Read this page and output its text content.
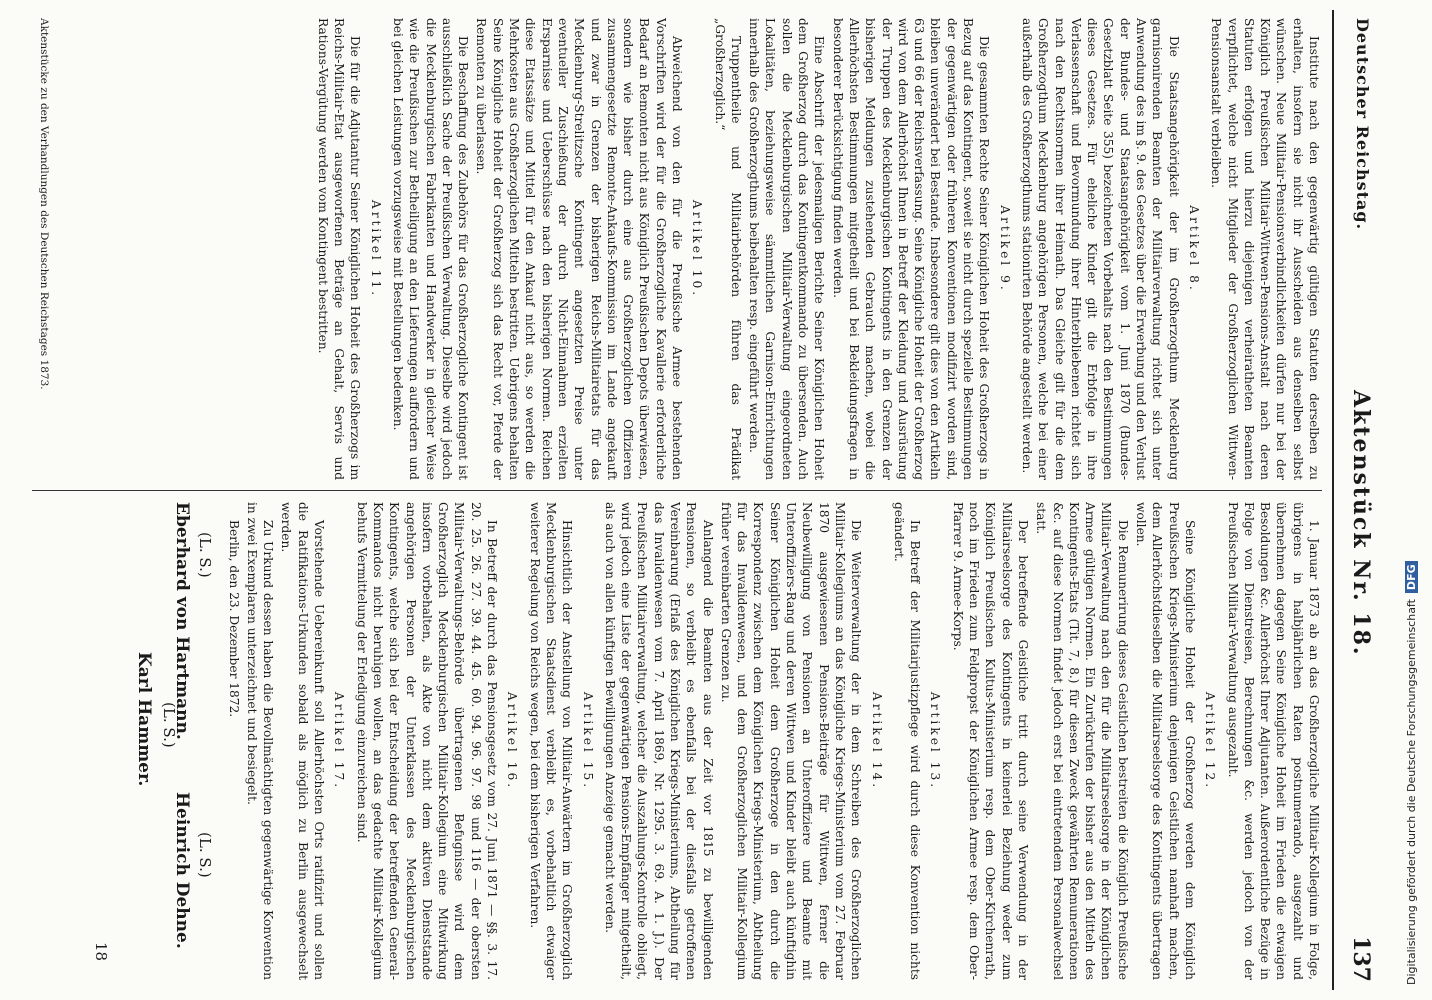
Deutscher Reichstag.
Aktenstück Nr. 18.
137

Institute nach den gegenwärtig gültigen Statuten derselben zu erhalten, insofern sie nicht ihr Ausscheiden aus denselben selbst wünschen. Neue Militair-Pensionsverbindlichkeiten dürfen nur bei der Königlich Preußischen Militair-Wittwen-Pensions-Anstalt nach deren Statuten erfolgen und hierzu diejenigen verheiratheten Beamten verpflichtet, welche nicht Mitglieder der Großherzoglichen Wittwen-Pensionsanstalt verbleiben.

Artikel 8.

Die Staatsangehörigkeit der im Großherzogthum Mecklenburg garnisonirenden Beamten der Militairverwaltung richtet sich unter Anwendung des im §. 9. des Gesetzes über die Erwerbung und den Verlust der Bundes- und Staatsangehörigkeit vom 1. Juni 1870 (Bundes-Gesetzblatt Seite 355) bezeichneten Vorbehalts nach den Bestimmungen dieses Gesetzes. Für eheliche Kinder gilt die Erbfolge in ihre Verlassenschaft und Bevormundung ihrer Hinterbliebenen richtet sich nach den Rechtsnormen ihrer Heimath. Das Gleiche gilt für die dem Großherzogthum Mecklenburg angehörigen Personen, welche bei einer außerhalb des Großherzogthums stationirten Behörde angestellt werden.

Artikel 9.

Die gesammten Rechte Seiner Königlichen Hoheit des Großherzogs in Bezug auf das Kontingent, soweit sie nicht durch spezielle Bestimmungen der gegenwärtigen oder früheren Konventionen modifizirt worden sind, bleiben unverändert bei Bestande. Insbesondere gilt dies von den Artikeln 63 und 66 der Reichsverfassung. Seine Königliche Hoheit der Großherzog wird von dem Allerhöchst Ihnen in Betreff der Kleidung und Ausrüstung der Truppen des Mecklenburgischen Kontingents in den Grenzen der bisherigen Meldungen zustehenden Gebrauch machen, wobei die Allerhöchsten Bestimmungen mitgetheilt und bei Bekleidungsfragen in besonderer Berücksichtigung finden werden.

Eine Abschrift der jedesmaligen Berichte Seiner Königlichen Hoheit dem Großherzog durch das Kontingentkommando zu übersenden. Auch sollen die Mecklenburgischen Militair-Verwaltung eingeordneten Lokalitäten, beziehungsweise sämmtlichen Garnison-Einrichtungen innerhalb des Großherzogthums beibehalten resp. eingeführt werden.

Truppentheile und Militairbehörden führen das Prädikat „Großherzoglich.“

Artikel 10.

Abweichend von den für die Preußische Armee bestehenden Vorschriften wird der für die Großherzogliche Kavallerie erforderliche Bedarf an Remonten nicht aus Königlich Preußischen Depots überwiesen, sondern wie bisher durch eine aus Großherzoglichen Offizieren zusammengesetzte Remonte-Ankaufs-Kommission im Lande angekauft und zwar in Grenzen der bisherigen Reichs-Militairetats für das Mecklenburg-Strelitzsche Kontingent angesetzten Preise unter eventueller Zuschießung der durch Nicht-Einnahmen erzielten Ersparnisse und Ueberschüsse nach den bisherigen Normen. Reichen diese Etatssätze und Mittel für den Ankauf nicht aus, so werden die Mehrkosten aus Großherzoglichen Mitteln bestritten. Uebrigens behalten Seine Königliche Hoheit der Großherzog sich das Recht vor, Pferde der Remonten zu überlassen.

Die Beschaffung des Zubehörs für das Großherzogliche Kontingent ist ausschließlich Sache der Preußischen Verwaltung. Dieselbe wird jedoch die Mecklenburgischen Fabrikanten und Handwerker in gleicher Weise wie die Preußischen zur Betheiligung an den Lieferungen auffordern und bei gleichen Leistungen vorzugsweise mit Bestellungen bedenken.

Artikel 11.

Die für die Adjutantur Seiner Königlichen Hoheit des Großherzogs im Reichs-Militair-Etat ausgeworfenen Beträge an Gehalt, Servis und Rations-Vergütung werden vom Kontingent bestritten.

1. Januar 1873 ab an das Großherzogliche Militair-Kollegium in Folge, übrigens in halbjährlichen Raten postnumerando, ausgezahlt und übernehmen dagegen Seine Königliche Hoheit im Frieden die etwaigen Besoldungen &c. Allerhöchst Ihrer Adjutanten. Außerordentliche Bezüge in Folge von Dienstreisen, Berechnungen &c. werden jedoch von der Preußischen Militair-Verwaltung ausgezahlt.

Artikel 12.

Seine Königliche Hoheit der Großherzog werden dem Königlich Preußischen Kriegs-Ministerium denjenigen Geistlichen namhaft machen, dem Allerhöchstdieselben die Militairseelsorge des Kontingents übertragen wollen.

Die Remunerirung dieses Geistlichen bestreiten die Königlich Preußische Militair-Verwaltung nach den für die Militairseelsorge in der Königlichen Armee gültigen Normen. Ein Zurückrufen der bisher aus den Mitteln des Kontingents-Etats (Tit. 7, 8.) für diesen Zweck gewährten Remunerationen &c. auf diese Normen findet jedoch erst bei eintretendem Personalwechsel statt.

Der betreffende Geistliche tritt durch seine Verwendung in der Militairseelsorge des Kontingents in keinerlei Beziehung weder zum Königlich Preußischen Kultus-Ministerium resp. dem Ober-Kirchenrath, noch im Frieden zum Feldpropst der Königlichen Armee resp. dem Ober-Pfarrer 9. Armee-Korps.

Artikel 13.

In Betreff der Militairjustizpflege wird durch diese Konvention nichts geändert.

Artikel 14.

Die Weiterverwaltung der in dem Schreiben des Großherzoglichen Militair-Kollegiums an das Königliche Kriegs-Ministerium vom 27. Februar 1870 ausgewiesenen Pensions-Beiträge für Wittwen, ferner die Neubewilligung von Pensionen an Unteroffiziere und Beamte mit Unteroffiziers-Rang und deren Wittwen und Kinder bleibt auch künftighin Seiner Königlichen Hoheit dem Großherzoge in den durch die Korrespondenz zwischen dem Königlichen Kriegs-Ministerium, Abtheilung für das Invalidenwesen, und dem Großherzoglichen Militair-Kollegium früher vereinbarten Grenzen zu.

Anlangend die Beamten aus der Zeit vor 1815 zu bewilligenden Pensionen, so verbleibt es ebenfalls bei der diesfalls getroffenen Vereinbarung (Erlaß des Königlichen Kriegs-Ministeriums, Abtheilung für das Invalidenwesen vom 7. April 1869, Nr. 1295. 3. 69. A. 1. J.). Der Preußischen Militairverwaltung, welcher die Auszahlungs-Kontrolle obliegt, wird jedoch eine Liste der gegenwärtigen Pensions-Empfänger mitgetheilt, als auch von allen künftigen Bewilligungen Anzeige gemacht werden.

Artikel 15.

Hinsichtlich der Anstellung von Militair-Anwärtern im Großherzoglich Mecklenburgischen Staatsdienst verbleibt es, vorbehaltlich etwaiger weiterer Regelung von Reichs wegen, bei dem bisherigen Verfahren.

Artikel 16.

In Betreff der durch das Pensionsgesetz vom 27. Juni 1871 — §§. 3. 17. 20. 25. 26. 27. 39. 44. 45. 60. 94. 96. 97. 98 und 116 — der obersten Militair-Verwaltungs-Behörde übertragenen Befugnisse wird dem Großherzoglich Mecklenburgischen Militair-Kollegium eine Mitwirkung insofern vorbehalten, als Akte von nicht dem aktiven Dienststande angehörigen Personen der Unterklassen des Mecklenburgischen Kontingents, welche sich bei der Entscheidung der betreffenden General-Kommandos nicht beruhigen wollen, an das gedachte Militair-Kollegium behufs Vermittelung der Erledigung einzureichen sind.

Artikel 17.

Vorstehende Uebereinkunft soll Allerhöchsten Orts ratifizirt und sollen die Ratifikations-Urkunden sobald als möglich zu Berlin ausgewechselt werden.

Zu Urkund dessen haben die Bevollmächtigten gegenwärtige Konvention in zwei Exemplaren unterzeichnet und besiegelt.

Berlin, den 23. Dezember 1872.

(L. S.)
(L. S.)
(L. S.)
Eberhard von Hartmann.
Karl Hammer.
Heinrich Dehne.
18
Aktenstücke zu den Verhandlungen des Deutschen Reichstages 1873.
Digitalisierung gefördert durch die Deutsche ForschungsgemeinschaftDFG
